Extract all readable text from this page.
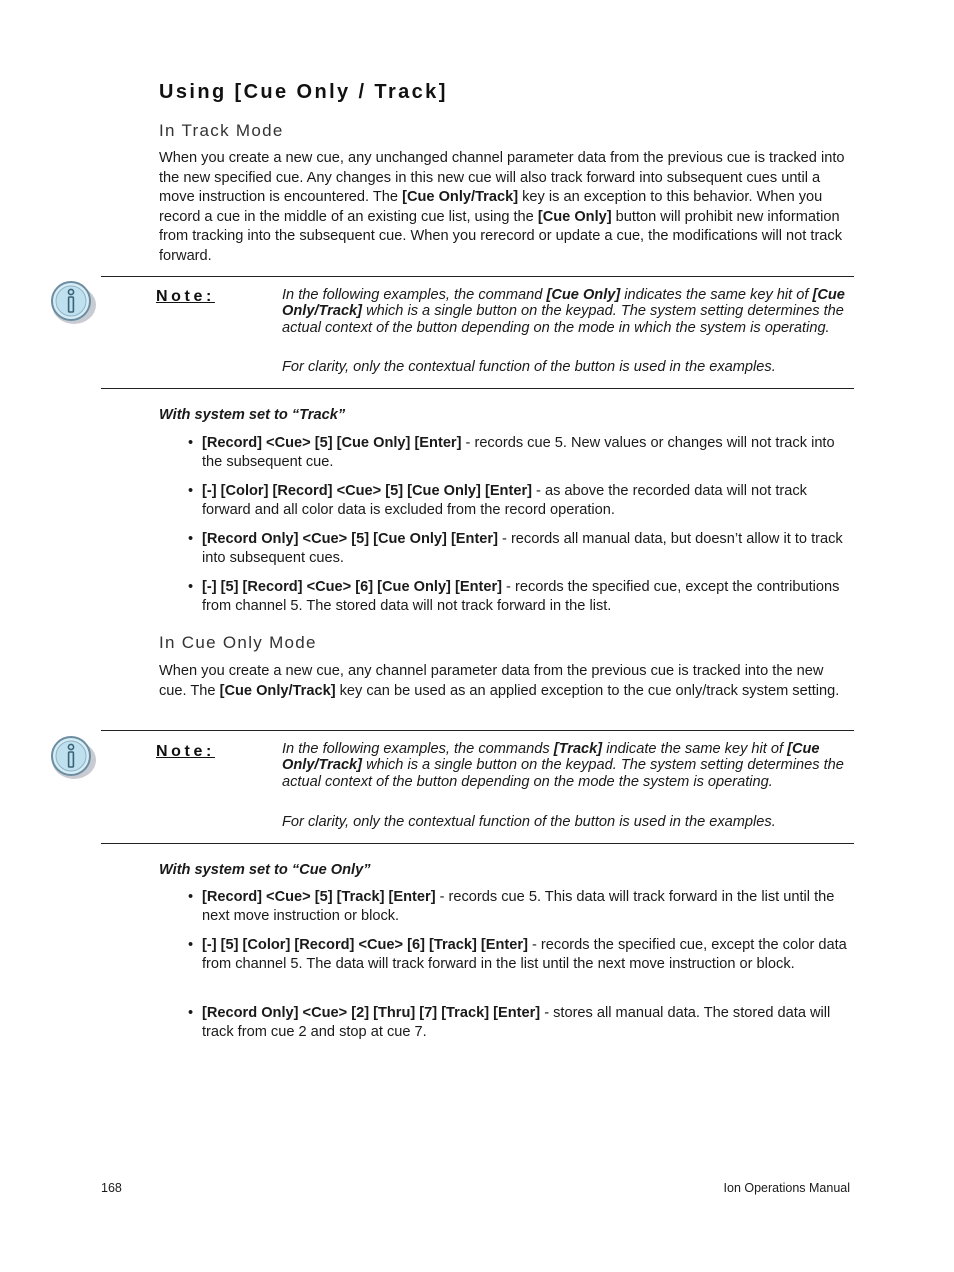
Using [Cue Only / Track]
In Track Mode
When you create a new cue, any unchanged channel parameter data from the previous cue is tracked into the new specified cue. Any changes in this new cue will also track forward into subsequent cues until a move instruction is encountered. The [Cue Only/Track] key is an exception to this behavior. When you record a cue in the middle of an existing cue list, using the [Cue Only] button will prohibit new information from tracking into the subsequent cue. When you rerecord or update a cue, the modifications will not track forward.
Note:	In the following examples, the command [Cue Only] indicates the same key hit of [Cue Only/Track] which is a single button on the keypad. The system setting determines the actual context of the button depending on the mode in which the system is operating.
For clarity, only the contextual function of the button is used in the examples.
With system set to “Track”
• [Record] <Cue> [5] [Cue Only] [Enter] - records cue 5. New values or changes will not track into the subsequent cue.
• [-] [Color] [Record] <Cue> [5] [Cue Only] [Enter] - as above the recorded data will not track forward and all color data is excluded from the record operation.
• [Record Only] <Cue> [5] [Cue Only] [Enter] - records all manual data, but doesn’t allow it to track into subsequent cues.
• [-] [5] [Record] <Cue> [6] [Cue Only] [Enter] - records the specified cue, except the contributions from channel 5. The stored data will not track forward in the list.
In Cue Only Mode
When you create a new cue, any channel parameter data from the previous cue is tracked into the new cue. The [Cue Only/Track] key can be used as an applied exception to the cue only/track system setting.
Note:	In the following examples, the commands [Track] indicate the same key hit of [Cue Only/Track] which is a single button on the keypad. The system setting determines the actual context of the button depending on the mode the system is operating.
For clarity, only the contextual function of the button is used in the examples.
With system set to “Cue Only”
• [Record] <Cue> [5] [Track] [Enter] - records cue 5. This data will track forward in the list until the next move instruction or block.
• [-] [5] [Color] [Record] <Cue> [6] [Track] [Enter] - records the specified cue, except the color data from channel 5. The data will track forward in the list until the next move instruction or block.
• [Record Only] <Cue> [2] [Thru] [7] [Track] [Enter] - stores all manual data. The stored data will track from cue 2 and stop at cue 7.
168	Ion Operations Manual
